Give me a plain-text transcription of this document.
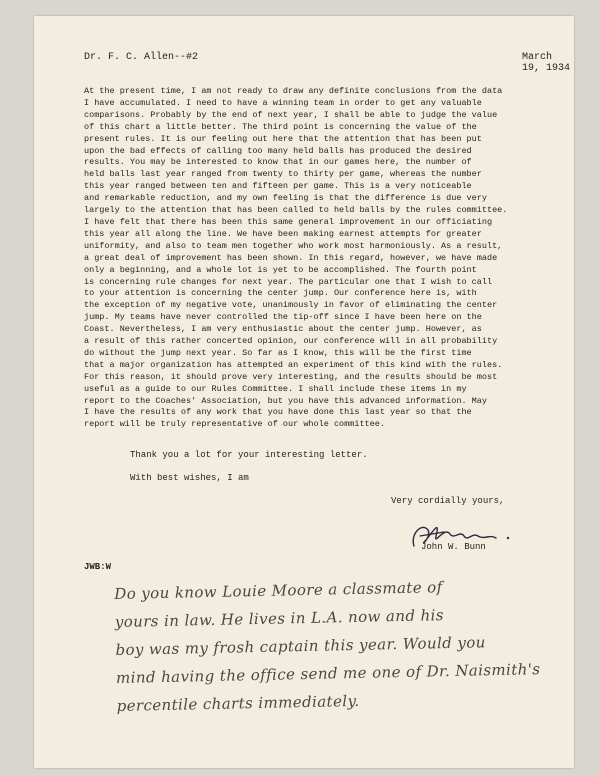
Dr. F. C. Allen--#2	March 19, 1934
At the present time, I am not ready to draw any definite conclusions from the data
I have accumulated. I need to have a winning team in order to get any valuable
comparisons. Probably by the end of next year, I shall be able to judge the value
of this chart a little better. The third point is concerning the value of the
present rules. It is our feeling out here that the attention that has been put
upon the bad effects of calling too many held balls has produced the desired
results. You may be interested to know that in our games here, the number of
held balls last year ranged from twenty to thirty per game, whereas the number
this year ranged between ten and fifteen per game. This is a very noticeable
and remarkable reduction, and my own feeling is that the difference is due very
largely to the attention that has been called to held balls by the rules committee.
I have felt that there has been this same general improvement in our officiating
this year all along the line. We have been making earnest attempts for greater
uniformity, and also to team men together who work most harmoniously. As a result,
a great deal of improvement has been shown. In this regard, however, we have made
only a beginning, and a whole lot is yet to be accomplished. The fourth point
is concerning rule changes for next year. The particular one that I wish to call
to your attention is concerning the center jump. Our conference here is, with
the exception of my negative vote, unanimously in favor of eliminating the center
jump. My teams have never controlled the tip-off since I have been here on the
Coast. Nevertheless, I am very enthusiastic about the center jump. However, as
a result of this rather concerted opinion, our conference will in all probability
do without the jump next year. So far as I know, this will be the first time
that a major organization has attempted an experiment of this kind with the rules.
For this reason, it should prove very interesting, and the results should be most
useful as a guide to our Rules Committee. I shall include these items in my
report to the Coaches' Association, but you have this advanced information. May
I have the results of any work that you have done this last year so that the
report will be truly representative of our whole committee.
Thank you a lot for your interesting letter.
With best wishes, I am
Very cordially yours,
John W. Bunn
JWB:W
Do you know Louie Moore a classmate of
yours in law. He lives in L.A. now and his
boy was my frosh captain this year. Would you
mind having the office send me one of Dr. Naismith's
percentile charts immediately.
